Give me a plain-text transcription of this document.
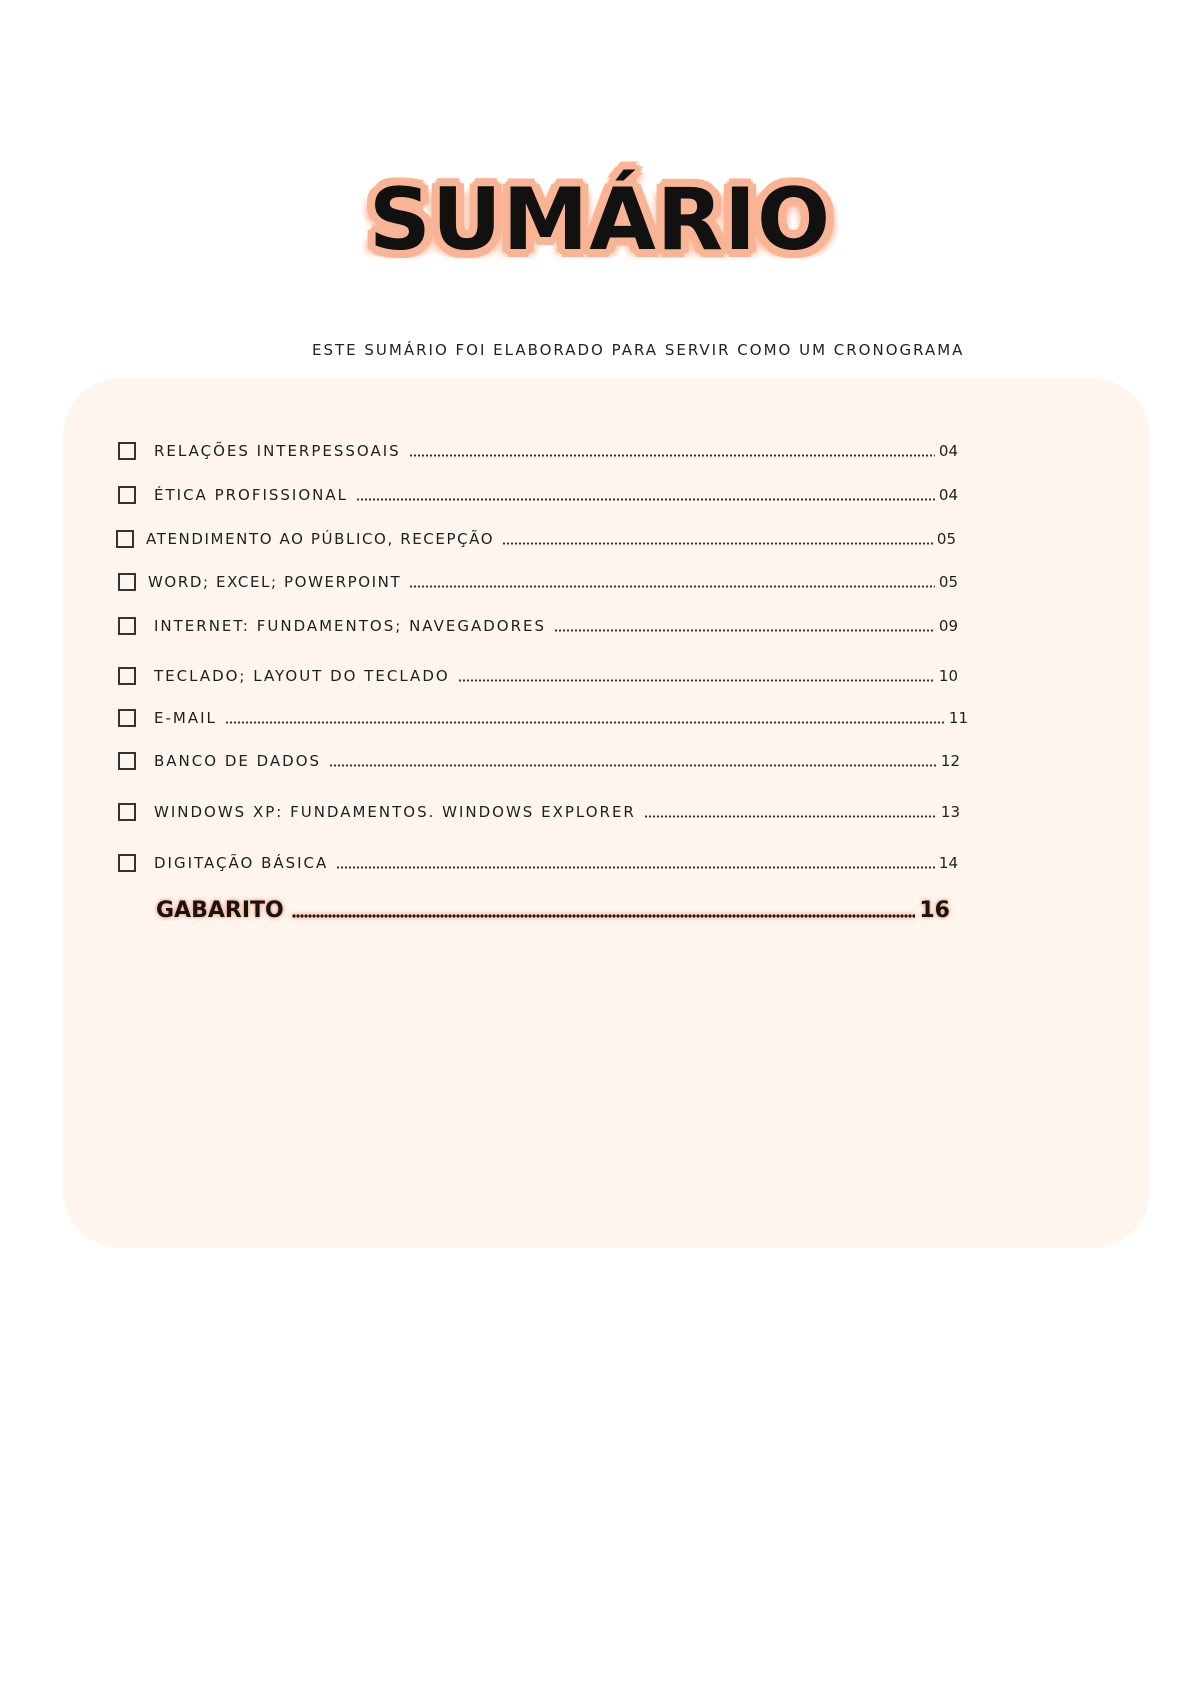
SUMÁRIO
ESTE SUMÁRIO FOI ELABORADO PARA SERVIR COMO UM CRONOGRAMA
RELAÇÕES INTERPESSOAIS	04
ÉTICA PROFISSIONAL	04
ATENDIMENTO AO PÚBLICO, RECEPÇÃO	05
WORD; EXCEL; POWERPOINT	05
INTERNET: FUNDAMENTOS; NAVEGADORES	09
TECLADO; LAYOUT DO TECLADO	10
E-MAIL	11
BANCO DE DADOS	12
WINDOWS XP: FUNDAMENTOS. WINDOWS EXPLORER	13
DIGITAÇÃO BÁSICA	14
GABARITO	16
